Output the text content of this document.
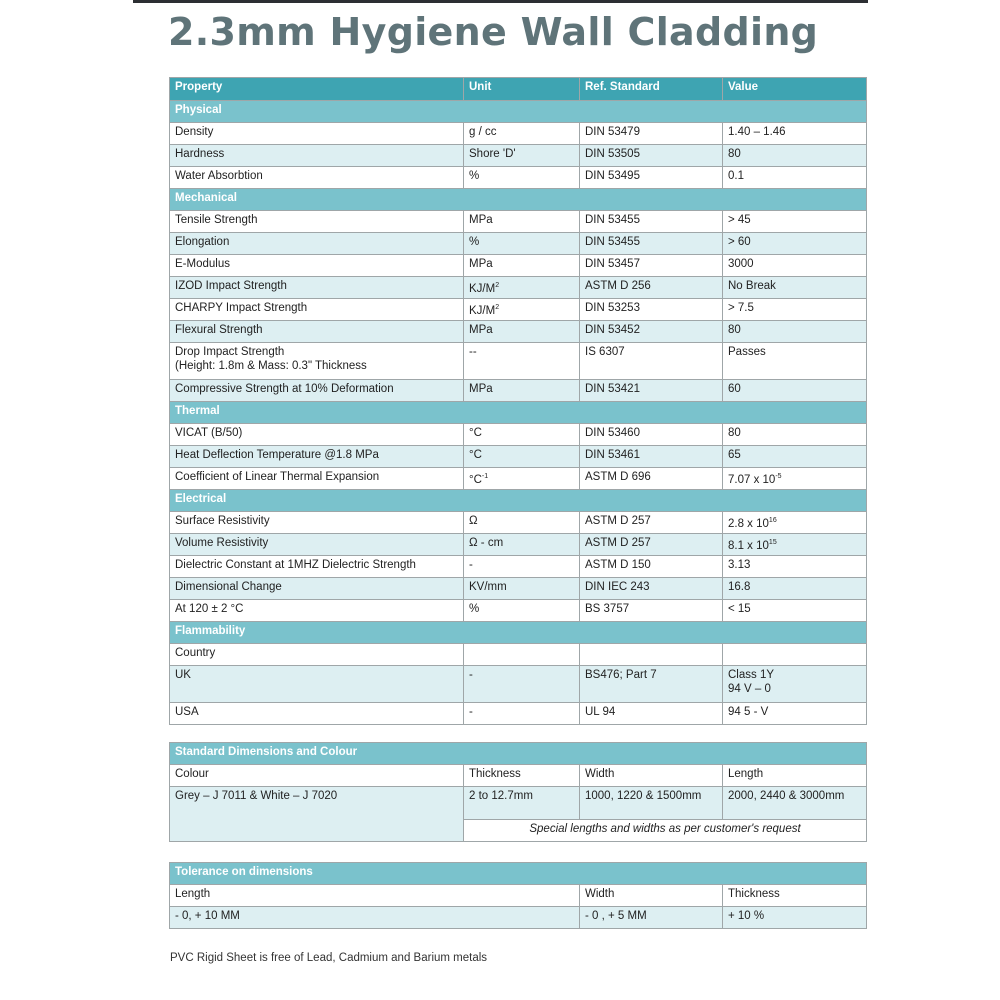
2.3mm Hygiene Wall Cladding
Property	Unit	Ref. Standard	Value
Physical			
Density	g / cc	DIN 53479	1.40 – 1.46
Hardness	Shore 'D'	DIN 53505	80
Water Absorbtion	%	DIN 53495	0.1
Mechanical			
Tensile Strength	MPa	DIN 53455	> 45
Elongation	%	DIN 53455	> 60
E-Modulus	MPa	DIN 53457	3000
IZOD Impact Strength	$KJ/M^2$	ASTM D 256	No Break
CHARPY Impact Strength	$KJ/M^2$	DIN 53253	> 7.5
Flexural Strength	MPa	DIN 53452	80

Drop Impact Strength
(Height: 1.8m & Mass: 0.3" Thickness	--	IS 6307	Passes
Compressive Strength at 10% Deformation	MPa	DIN 53421	60
Thermal			
VICAT (B/50)	°C	DIN 53460	80
Heat Deflection Temperature @1.8 MPa	°C	DIN 53461	65
Coefficient of Linear Thermal Expansion	$^\circ C^{-1}$	ASTM D 696	7.07 x $10^{-5}$
Electrical			
Surface Resistivity	Ω	ASTM D 257	2.8 x $10^{16}$
Volume Resistivity	Ω - cm	ASTM D 257	8.1 x $10^{15}$
Dielectric Constant at 1MHZ Dielectric Strength	-	ASTM D 150	3.13
Dimensional Change	KV/mm	DIN IEC 243	16.8
At 120 ± 2 °C	%	BS 3757	< 15
Flammability			
Country			
UK	-	BS476; Part 7	Class 1Y
94 V – 0

USA	-	UL 94	94 5 - V
Standard Dimensions and Colour			
Colour	Thickness	Width	Length
Grey – J 7011 & White – J 7020	2 to 12.7mm	1000, 1220 & 1500mm	2000, 2440 & 3000mm
	Special lengths and widths as per customer's request		
Tolerance on dimensions		
Length	Width	Thickness
- 0, + 10 MM	- 0 , + 5 MM	+ 10 %
PVC Rigid Sheet is free of Lead, Cadmium and Barium metals
